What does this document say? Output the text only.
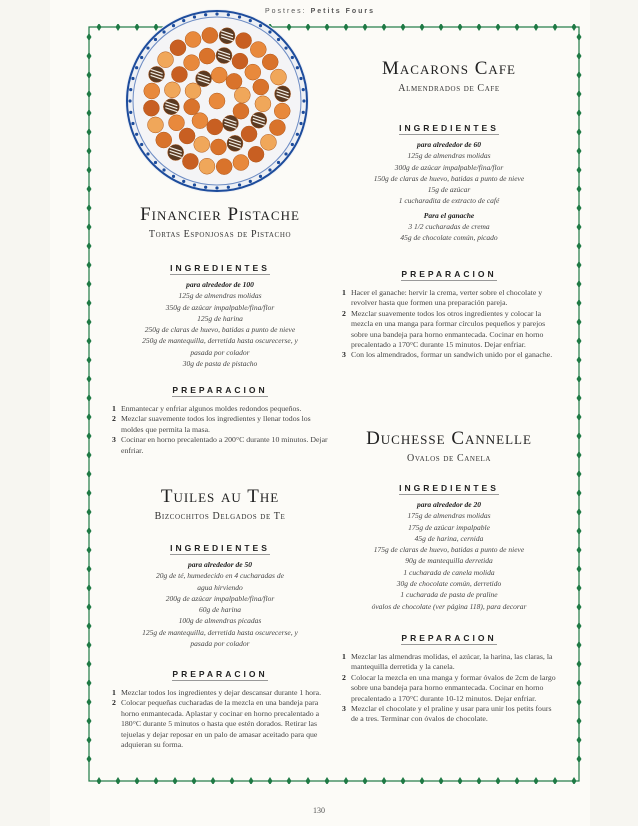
Postres: Petits Fours
Financier Pistache
Tortas Esponjosas de Pistacho
INGREDIENTES
para alrededor de 100
125g de almendras molidas
350g de azúcar impalpable/fina/flor
125g de harina
250g de claras de huevo, batidas a punto de nieve
250g de mantequilla, derretida hasta oscurecerse, y
pasada por colador
30g de pasta de pistacho
PREPARACION
1 Enmantecar y enfriar algunos moldes redondos pequeños.
2 Mezclar suavemente todos los ingredientes y llenar todos los moldes que permita la masa.
3 Cocinar en horno precalentado a 200°C durante 10 minutos. Dejar enfriar.
Tuiles au The
Bizcochitos Delgados de Te
INGREDIENTES
para alrededor de 50
20g de té, humedecido en 4 cucharadas de
agua hirviendo
200g de azúcar impalpable/fina/flor
60g de harina
100g de almendras picadas
125g de mantequilla, derretida hasta oscurecerse, y
pasada por colador
PREPARACION
1 Mezclar todos los ingredientes y dejar descansar durante 1 hora.
2 Colocar pequeñas cucharadas de la mezcla en una bandeja para horno enmantecada. Aplastar y cocinar en horno precalentado a 180°C durante 5 minutos o hasta que estén dorados. Retirar las tejuelas y dejar reposar en un palo de amasar aceitado para que adquieran su forma.
Macarons Cafe
Almendrados de Cafe
INGREDIENTES
para alrededor de 60
125g de almendras molidas
300g de azúcar impalpable/fina/flor
150g de claras de huevo, batidas a punto de nieve
15g de azúcar
1 cucharadita de extracto de café
Para el ganache
3 1/2 cucharadas de crema
45g de chocolate común, picado
PREPARACION
1 Hacer el ganache: hervir la crema, verter sobre el chocolate y revolver hasta que formen una preparación pareja.
2 Mezclar suavemente todos los otros ingredientes y colocar la mezcla en una manga para formar círculos pequeños y parejos sobre una bandeja para horno enmantecada. Cocinar en horno precalentado a 170°C durante 15 minutos. Dejar enfriar.
3 Con los almendrados, formar un sandwich unido por el ganache.
Duchesse Cannelle
Ovalos de Canela
INGREDIENTES
para alrededor de 20
175g de almendras molidas
175g de azúcar impalpable
45g de harina, cernida
175g de claras de huevo, batidas a punto de nieve
90g de mantequilla derretida
1 cucharada de canela molida
30g de chocolate común, derretido
1 cucharada de pasta de praline
óvalos de chocolate (ver página 118), para decorar
PREPARACION
1 Mezclar las almendras molidas, el azúcar, la harina, las claras, la mantequilla derretida y la canela.
2 Colocar la mezcla en una manga y formar óvalos de 2cm de largo sobre una bandeja para horno enmantecada. Cocinar en horno precalentado a 170°C durante 10-12 minutos. Dejar enfriar.
3 Mezclar el chocolate y el praline y usar para unir los petits fours de a tres. Terminar con óvalos de chocolate.
130
